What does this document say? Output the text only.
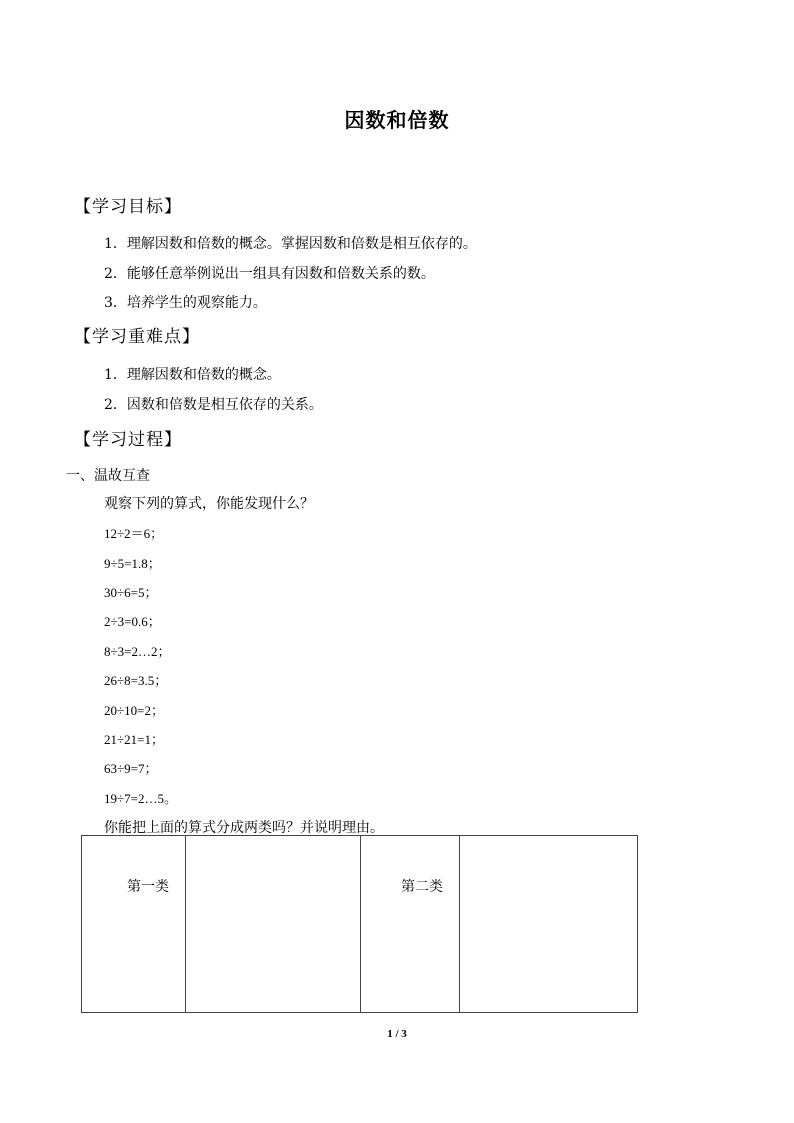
因数和倍数
【学习目标】
1．理解因数和倍数的概念。掌握因数和倍数是相互依存的。
2．能够任意举例说出一组具有因数和倍数关系的数。
3．培养学生的观察能力。
【学习重难点】
1．理解因数和倍数的概念。
2．因数和倍数是相互依存的关系。
【学习过程】
一、温故互查
观察下列的算式，你能发现什么？
12÷2＝6；
9÷5=1.8；
30÷6=5；
2÷3=0.6；
8÷3=2…2；
26÷8=3.5；
20÷10=2；
21÷21=1；
63÷9=7；
19÷7=2…5。
你能把上面的算式分成两类吗？并说明理由。
第一类		第二类	
1 / 3
